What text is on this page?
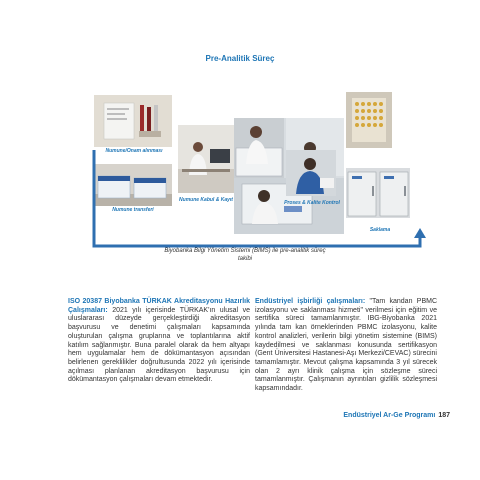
Pre-Analitik Süreç
Numune/Onam alınması
Numune transferi
Numune Kabul & Kayıt	Proses & Kalite Kontrol
Saklama
Biyobanka Bilgi Yönetim Sistemi (BIMS) ile pre-analitik süreç takibi
ISO 20387 Biyobanka TÜRKAK Akreditasyonu Hazırlık Çalışmaları: 2021 yılı içerisinde TÜRKAK'ın ulusal ve uluslararası düzeyde gerçekleştirdiği akreditasyon başvurusu ve denetimi çalışmaları kapsamında oluşturulan çalışma gruplarına ve toplantılarına aktif katılım sağlanmıştır. Buna paralel olarak da hem altyapı hem uygulamalar hem de dökümantasyon açısından belirlenen gereklilikler doğrultusunda 2022 yılı içerisinde açılması planlanan akreditasyon başvurusu için dökümantasyon çalışmaları devam etmektedir.
Endüstriyel işbirliği çalışmaları: "Tam kandan PBMC izolasyonu ve saklanması hizmeti" verilmesi için eğitim ve sertifika süreci tamamlanmıştır. IBG-Biyobanka 2021 yılında tam kan örneklerinden PBMC izolasyonu, kalite kontrol analizleri, verilerin bilgi yönetim sistemine (BIMS) kaydedilmesi ve saklanması konusunda sertifikasyon (Gent Üniversitesi Hastanesi-Aşı Merkezi/CEVAC) sürecini tamamlamıştır. Mevcut çalışma kapsamında 3 yıl sürecek olan 2 ayrı klinik çalışma için sözleşme süreci tamamlanmıştır. Çalışmanın ayrıntıları gizlilik sözleşmesi kapsamındadır.
Endüstriyel Ar-Ge Programı 187
